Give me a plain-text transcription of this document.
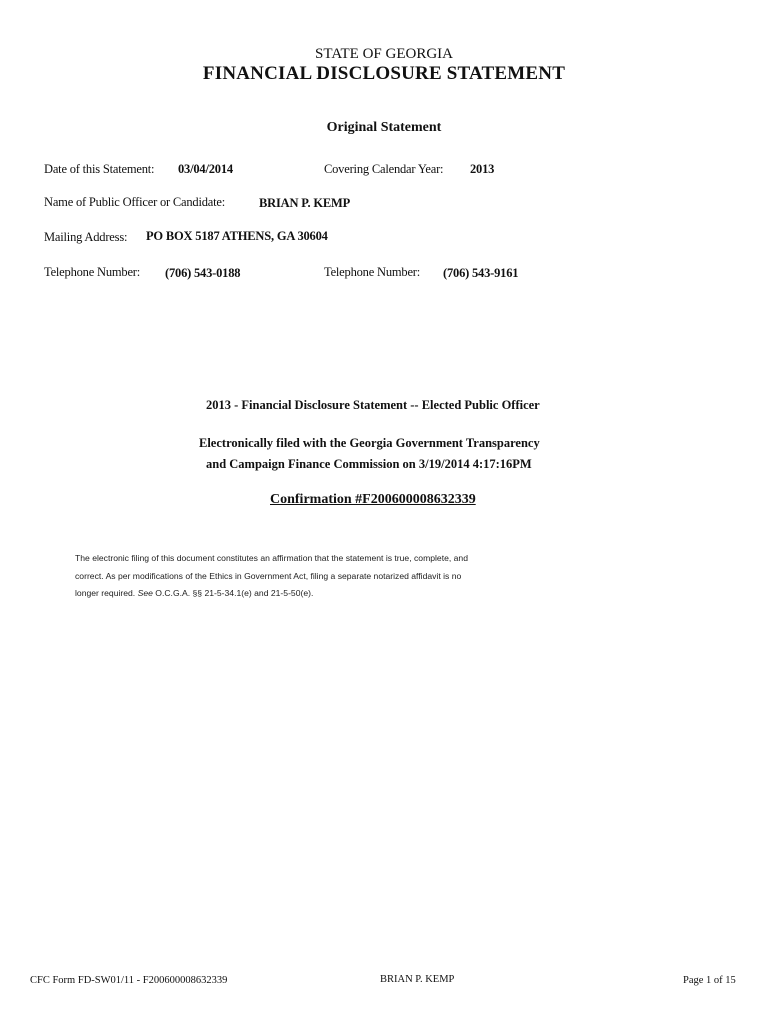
STATE OF GEORGIA
FINANCIAL DISCLOSURE STATEMENT
Original Statement
Date of this Statement: 03/04/2014	Covering Calendar Year: 2013
Name of Public Officer or Candidate:	BRIAN P. KEMP
Mailing Address: PO BOX 5187 ATHENS, GA 30604
Telephone Number: (706) 543-0188	Telephone Number: (706) 543-9161
2013 - Financial Disclosure Statement -- Elected Public Officer
Electronically filed with the Georgia Government Transparency
and Campaign Finance Commission on 3/19/2014 4:17:16PM
Confirmation #F200600008632339
The electronic filing of this document constitutes an affirmation that the statement is true, complete, and
correct. As per modifications of the Ethics in Government Act, filing a separate notarized affidavit is no
longer required. See O.C.G.A. §§ 21-5-34.1(e) and 21-5-50(e).
CFC Form FD-SW01/11 - F200600008632339	BRIAN P. KEMP	Page 1 of 15
